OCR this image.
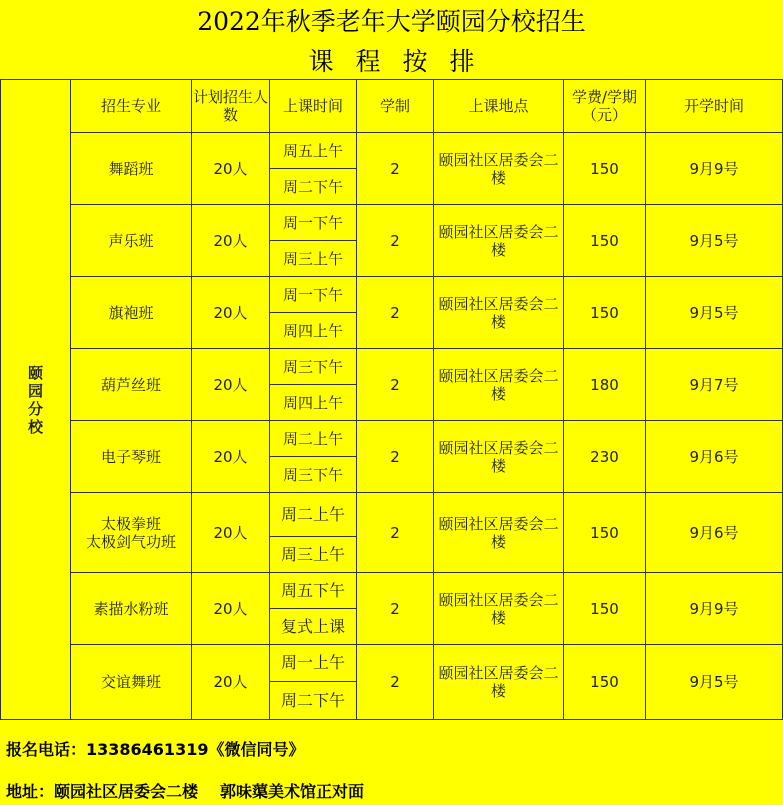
2022年秋季老年大学颐园分校招生
课程按排
颐
园
分
校	招生专业	计划招生人数	上课时间	学制	上课地点	学费/学期（元）	开学时间
	舞蹈班	20人	周五上午	2	颐园社区居委会二楼	150	9月9号
			周二下午				
	声乐班	20人	周一下午	2	颐园社区居委会二楼	150	9月5号
			周三上午				
	旗袍班	20人	周一下午	2	颐园社区居委会二楼	150	9月5号
			周四上午				
	葫芦丝班	20人	周三下午	2	颐园社区居委会二楼	180	9月7号
			周四上午				
	电子琴班	20人	周二上午	2	颐园社区居委会二楼	230	9月6号
			周三下午				
	太极拳班
太极剑气功班	20人	周二上午	2	颐园社区居委会二楼	150	9月6号
			周三上午				
	素描水粉班	20人	周五下午	2	颐园社区居委会二楼	150	9月9号
			复式上课				
	交谊舞班	20人	周一上午	2	颐园社区居委会二楼	150	9月5号
			周二下午				
报名电话：13386461319《微信同号》
地址：颐园社区居委会二楼 郭味蕖美术馆正对面
